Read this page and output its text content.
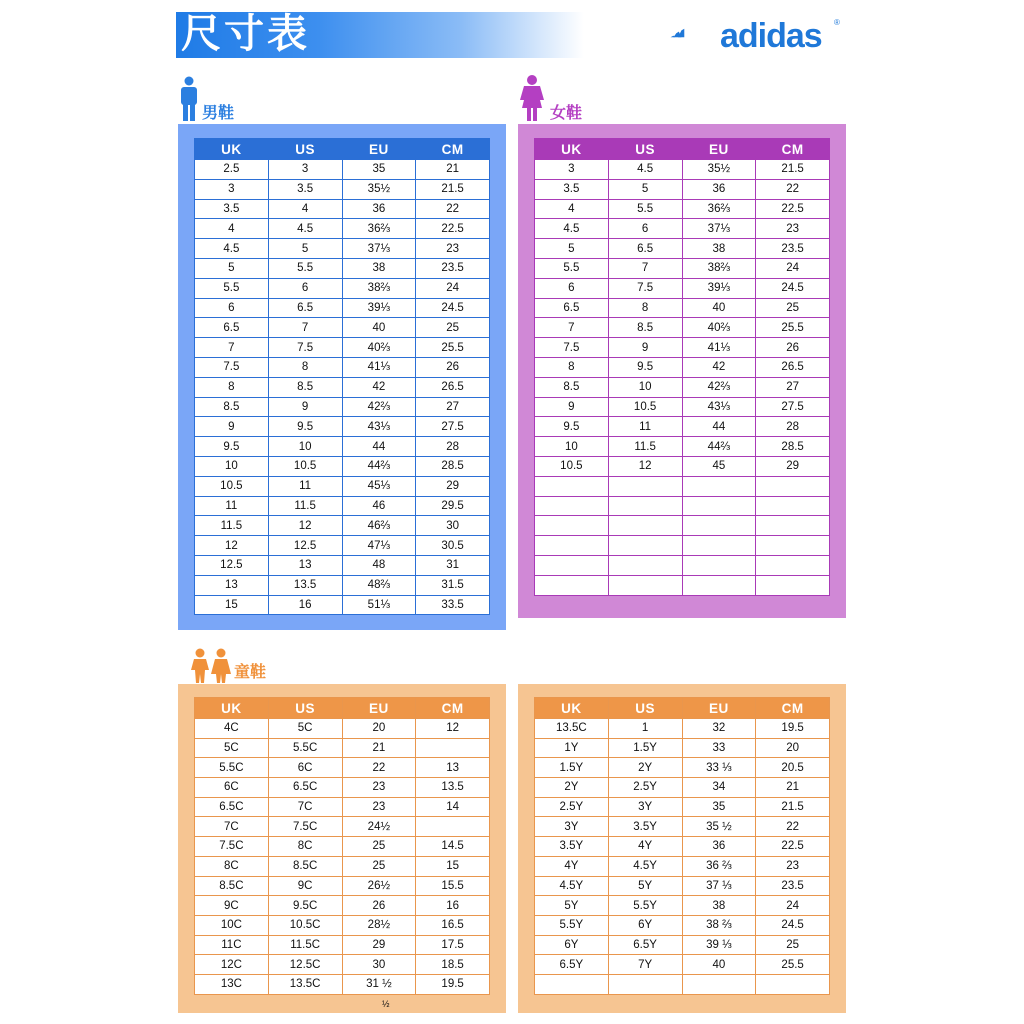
尺寸表	adidas ®
男鞋
UK	US	EU	CM
2.5	3	35	21
3	3.5	35½	21.5
3.5	4	36	22
4	4.5	36⅔	22.5
4.5	5	37⅓	23
5	5.5	38	23.5
5.5	6	38⅔	24
6	6.5	39⅓	24.5
6.5	7	40	25
7	7.5	40⅔	25.5
7.5	8	41⅓	26
8	8.5	42	26.5
8.5	9	42⅔	27
9	9.5	43⅓	27.5
9.5	10	44	28
10	10.5	44⅔	28.5
10.5	11	45⅓	29
11	11.5	46	29.5
11.5	12	46⅔	30
12	12.5	47⅓	30.5
12.5	13	48	31
13	13.5	48⅔	31.5
15	16	51⅓	33.5
女鞋
UK	US	EU	CM
3	4.5	35½	21.5
3.5	5	36	22
4	5.5	36⅔	22.5
4.5	6	37⅓	23
5	6.5	38	23.5
5.5	7	38⅔	24
6	7.5	39⅓	24.5
6.5	8	40	25
7	8.5	40⅔	25.5
7.5	9	41⅓	26
8	9.5	42	26.5
8.5	10	42⅔	27
9	10.5	43⅓	27.5
9.5	11	44	28
10	11.5	44⅔	28.5
10.5	12	45	29

童鞋
UK	US	EU	CM
4C	5C	20	12
5C	5.5C	21	
5.5C	6C	22	13
6C	6.5C	23	13.5
6.5C	7C	23	14
7C	7.5C	24½	
7.5C	8C	25	14.5
8C	8.5C	25	15
8.5C	9C	26½	15.5
9C	9.5C	26	16
10C	10.5C	28½	16.5
11C	11.5C	29	17.5
12C	12.5C	30	18.5
13C	13.5C	31 ½	19.5
½
UK	US	EU	CM
13.5C	1	32	19.5
1Y	1.5Y	33	20
1.5Y	2Y	33 ⅓	20.5
2Y	2.5Y	34	21
2.5Y	3Y	35	21.5
3Y	3.5Y	35 ½	22
3.5Y	4Y	36	22.5
4Y	4.5Y	36 ⅔	23
4.5Y	5Y	37 ⅓	23.5
5Y	5.5Y	38	24
5.5Y	6Y	38 ⅔	24.5
6Y	6.5Y	39 ⅓	25
6.5Y	7Y	40	25.5
